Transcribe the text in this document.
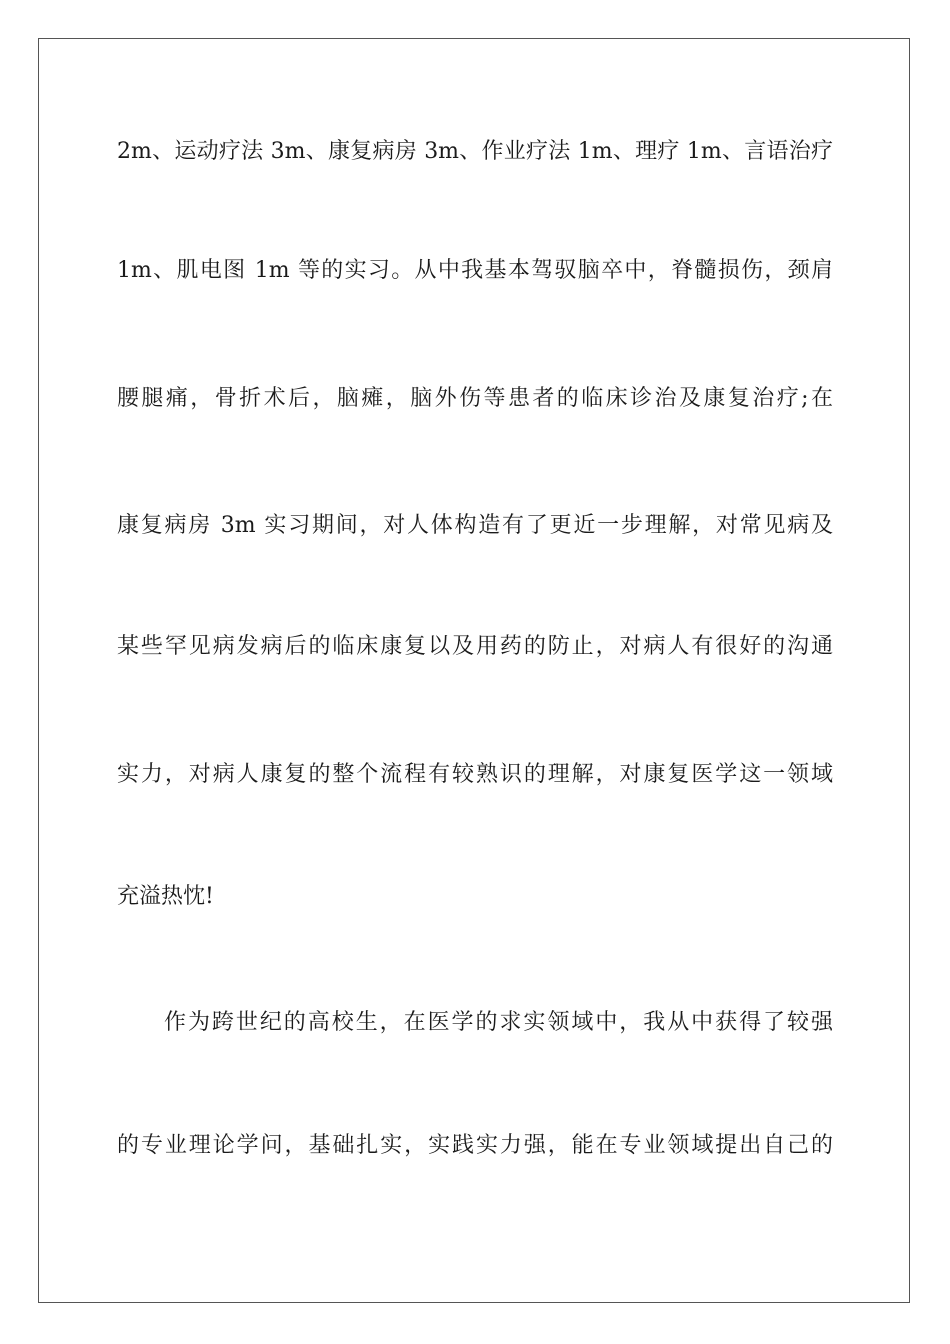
2m、运动疗法 3m、康复病房 3m、作业疗法 1m、理疗 1m、言语治疗
1m、肌电图 1m 等的实习。从中我基本驾驭脑卒中，脊髓损伤，颈肩
腰腿痛，骨折术后，脑瘫，脑外伤等患者的临床诊治及康复治疗;在
康复病房 3m 实习期间，对人体构造有了更近一步理解，对常见病及
某些罕见病发病后的临床康复以及用药的防止，对病人有很好的沟通
实力，对病人康复的整个流程有较熟识的理解，对康复医学这一领域
充溢热忱!
作为跨世纪的高校生，在医学的求实领域中，我从中获得了较强
的专业理论学问，基础扎实，实践实力强，能在专业领域提出自己的
